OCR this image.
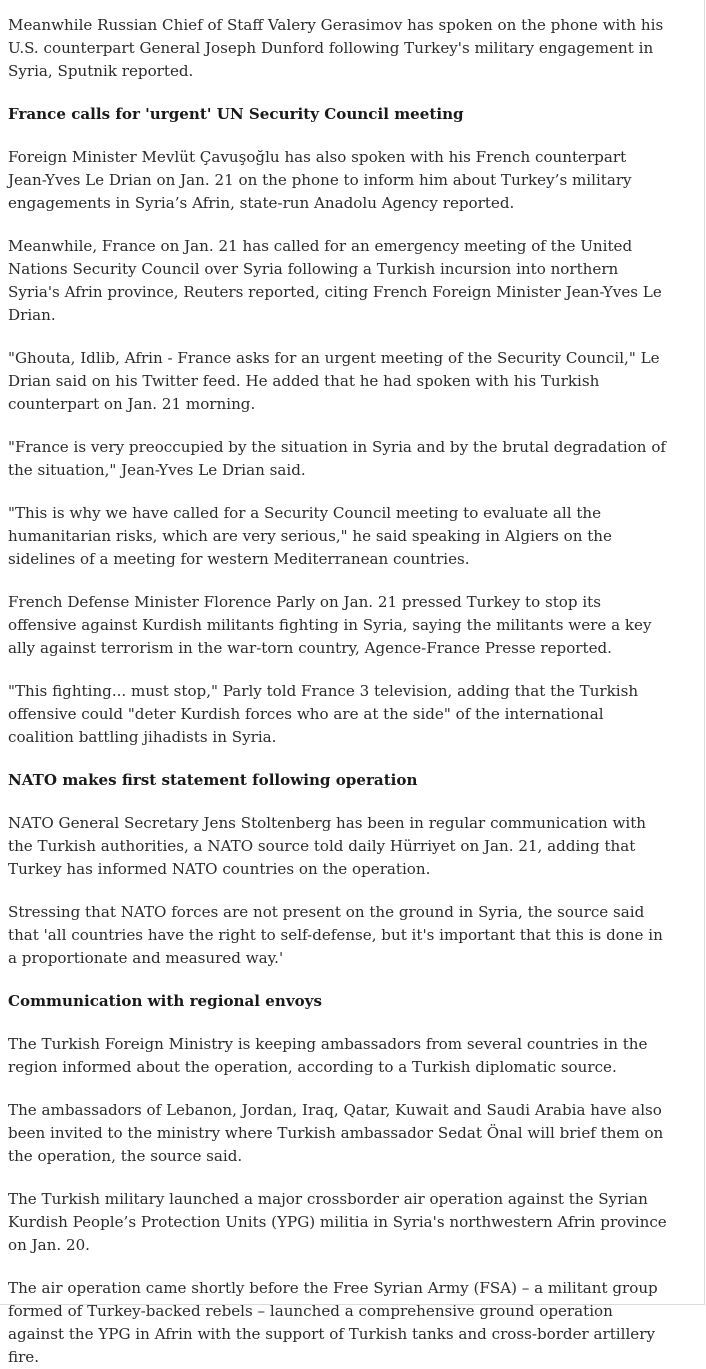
Meanwhile Russian Chief of Staff Valery Gerasimov has spoken on the phone with his U.S. counterpart General Joseph Dunford following Turkey's military engagement in Syria, Sputnik reported.

France calls for 'urgent' UN Security Council meeting

Foreign Minister Mevlüt Çavuşoğlu has also spoken with his French counterpart Jean-Yves Le Drian on Jan. 21 on the phone to inform him about Turkey’s military engagements in Syria’s Afrin, state-run Anadolu Agency reported.

Meanwhile, France on Jan. 21 has called for an emergency meeting of the United Nations Security Council over Syria following a Turkish incursion into northern Syria's Afrin province, Reuters reported, citing French Foreign Minister Jean-Yves Le Drian.

"Ghouta, Idlib, Afrin - France asks for an urgent meeting of the Security Council," Le Drian said on his Twitter feed. He added that he had spoken with his Turkish counterpart on Jan. 21 morning.

"France is very preoccupied by the situation in Syria and by the brutal degradation of the situation," Jean-Yves Le Drian said.

"This is why we have called for a Security Council meeting to evaluate all the humanitarian risks, which are very serious," he said speaking in Algiers on the sidelines of a meeting for western Mediterranean countries.

French Defense Minister Florence Parly on Jan. 21 pressed Turkey to stop its offensive against Kurdish militants fighting in Syria, saying the militants were a key ally against terrorism in the war-torn country, Agence-France Presse reported.

"This fighting... must stop," Parly told France 3 television, adding that the Turkish offensive could "deter Kurdish forces who are at the side" of the international coalition battling jihadists in Syria.

NATO makes first statement following operation

NATO General Secretary Jens Stoltenberg has been in regular communication with the Turkish authorities, a NATO source told daily Hürriyet on Jan. 21, adding that Turkey has informed NATO countries on the operation.

Stressing that NATO forces are not present on the ground in Syria, the source said that 'all countries have the right to self-defense, but it's important that this is done in a proportionate and measured way.'

Communication with regional envoys

The Turkish Foreign Ministry is keeping ambassadors from several countries in the region informed about the operation, according to a Turkish diplomatic source.

The ambassadors of Lebanon, Jordan, Iraq, Qatar, Kuwait and Saudi Arabia have also been invited to the ministry where Turkish ambassador Sedat Önal will brief them on the operation, the source said.

The Turkish military launched a major crossborder air operation against the Syrian Kurdish People’s Protection Units (YPG) militia in Syria's northwestern Afrin province on Jan. 20.

The air operation came shortly before the Free Syrian Army (FSA) – a militant group formed of Turkey-backed rebels – launched a comprehensive ground operation against the YPG in Afrin with the support of Turkish tanks and cross-border artillery fire.
